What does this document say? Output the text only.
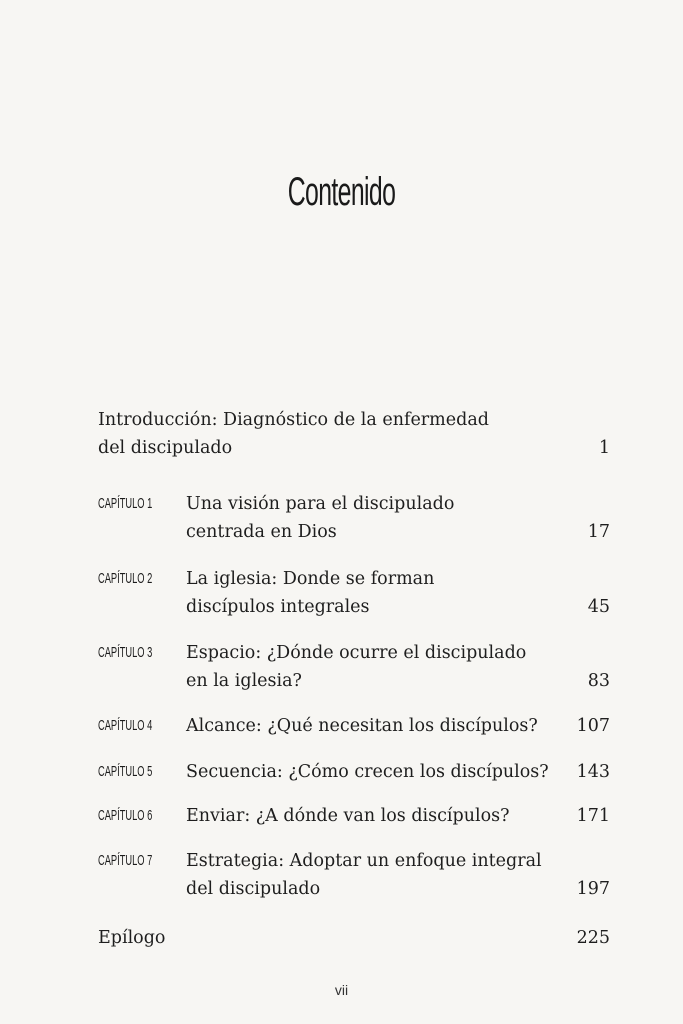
Contenido
Introducción: Diagnóstico de la enfermedad
del discipulado	1
CAPÍTULO 1 Una visión para el discipulado
centrada en Dios	17
CAPÍTULO 2 La iglesia: Donde se forman
discípulos integrales	45
CAPÍTULO 3 Espacio: ¿Dónde ocurre el discipulado
en la iglesia?	83
CAPÍTULO 4 Alcance: ¿Qué necesitan los discípulos?	107
CAPÍTULO 5 Secuencia: ¿Cómo crecen los discípulos?	143
CAPÍTULO 6 Enviar: ¿A dónde van los discípulos?	171
CAPÍTULO 7 Estrategia: Adoptar un enfoque integral
del discipulado	197
Epílogo	225
vii
